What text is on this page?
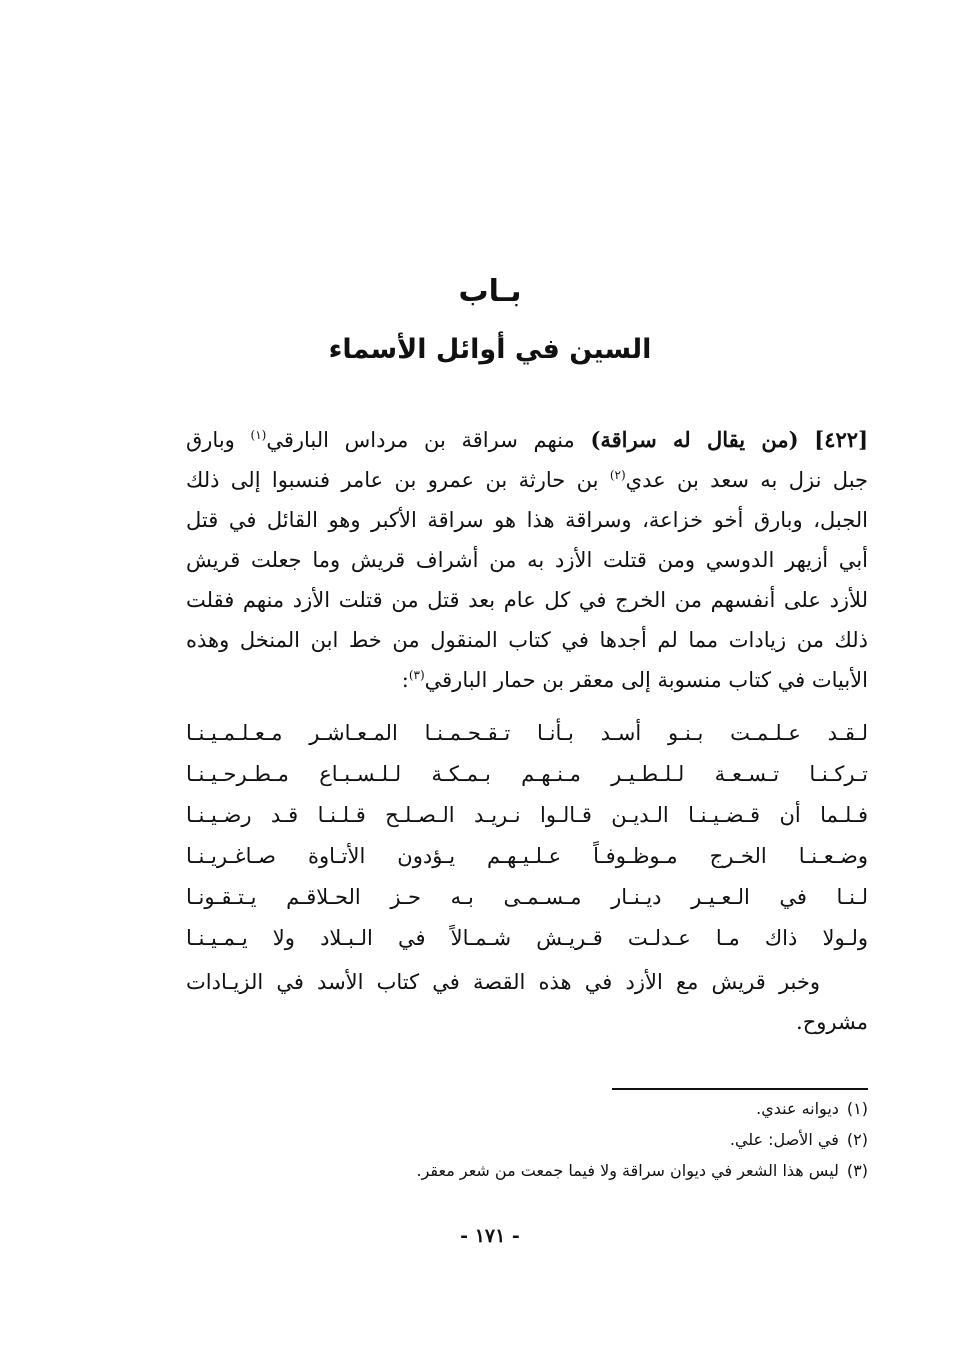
بـاب
السين في أوائل الأسماء
[٤٢٢] (من يقال له سراقة) منهم سراقة بن مرداس البارقي$^{(١)}$ وبارق
جبل نزل به سعد بن عدي$^{(٢)}$ بن حارثة بن عمرو بن عامر فنسبوا إلى ذلك
الجبل، وبارق أخو خزاعة، وسراقة هذا هو سراقة الأكبر وهو القائل في قتل
أبي أزيهر الدوسي ومن قتلت الأزد به من أشراف قريش وما جعلت قريش
للأزد على أنفسهم من الخرج في كل عام بعد قتل من قتلت الأزد منهم فقلت
ذلك من زيادات مما لم أجدها في كتاب المنقول من خط ابن المنخل وهذه
الأبيات في كتاب منسوبة إلى معقر بن حمار البارقي$^{(٣)}$:
لـقـد عـلـمـت بـنـو أسـد بـأنـا تـقـحـمـنـا المـعـاشـر مـعـلـمـيـنـا
تـركـنـا تـسـعـة لـلـطـيـر مـنـهـم بـمـكـة لـلـسـبـاع مـطـرحـيـنـا
فـلـما أن قـضـيـنـا الـديـن قـالـوا نـريـد الـصـلـح قـلـنـا قـد رضـيـنـا
وضـعـنـا الخـرج مـوظـوفـاً عـلـيـهـم يـؤدون الأتـاوة صـاغـريـنـا
لـنـا في الـعـيـر ديـنـار مـسـمـى بـه حـز الحـلاقـم يـتـقـونـا
ولـولا ذاك مـا عـدلـت قـريـش شـمـالاً في الـبـلاد ولا يـمـيـنـا
وخبر قريش مع الأزد في هذه القصة في كتاب الأسد في الزيـادات
مشروح.
(١)ديوانه عندي.
(٢)في الأصل: علي.
(٣)ليس هذا الشعر في ديوان سراقة ولا فيما جمعت من شعر معقر.
- ١٧١ -
